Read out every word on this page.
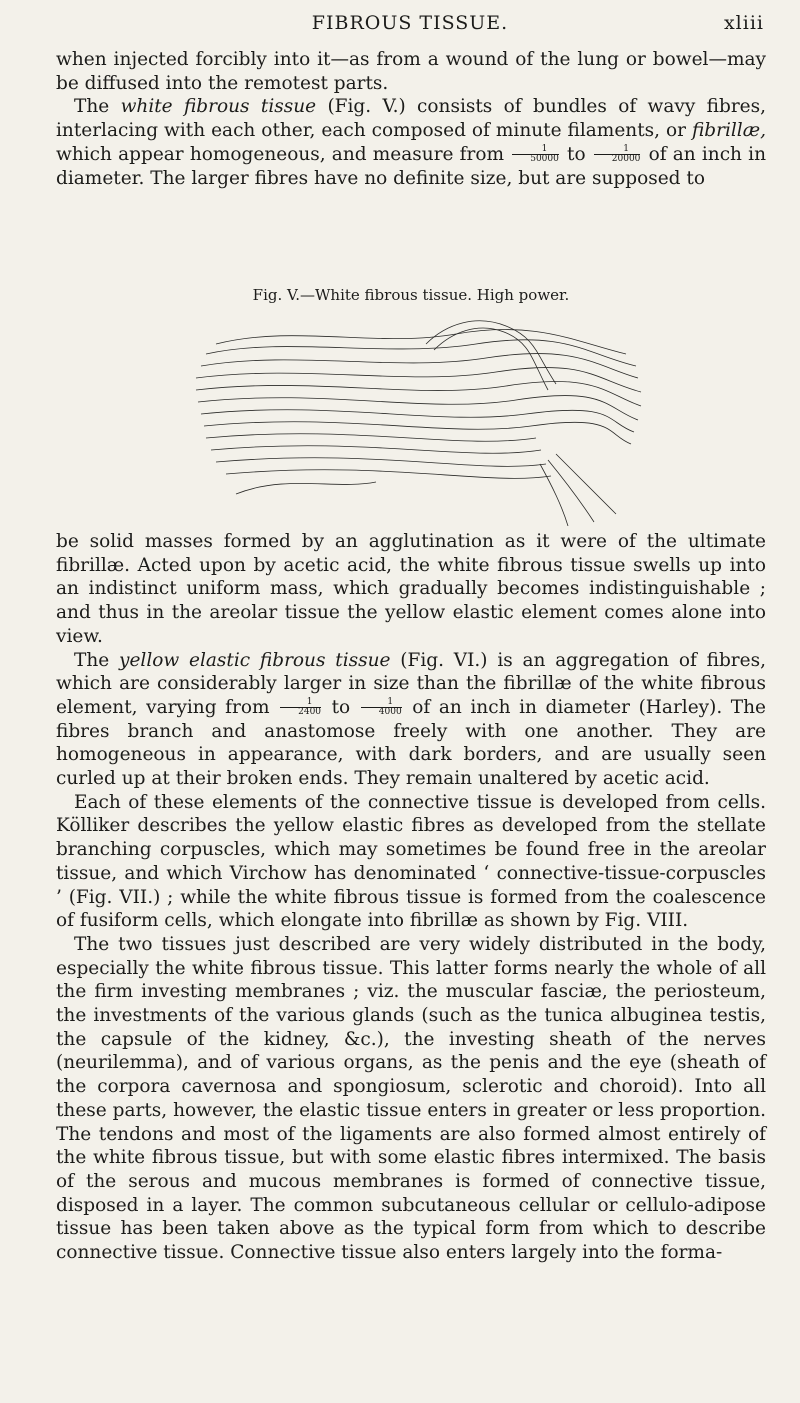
FIBROUS TISSUE.	xliii

when injected forcibly into it—as from a wound of the lung or bowel—may be diffused into the remotest parts.

The white fibrous tissue (Fig. V.) consists of bundles of wavy fibres, interlacing with each other, each composed of minute filaments, or fibrillæ, which appear homogeneous, and measure from $\frac{1}{50000}$ to $\frac{1}{20000}$ of an inch in diameter. The larger fibres have no definite size, but are supposed to

Fig. V.—White fibrous tissue. High power.

be solid masses formed by an agglutination as it were of the ultimate fibrillæ. Acted upon by acetic acid, the white fibrous tissue swells up into an indistinct uniform mass, which gradually becomes indistinguishable ; and thus in the areolar tissue the yellow elastic element comes alone into view.

The yellow elastic fibrous tissue (Fig. VI.) is an aggregation of fibres, which are considerably larger in size than the fibrillæ of the white fibrous element, varying from $\frac{1}{2400}$ to $\frac{1}{4000}$ of an inch in diameter (Harley). The fibres branch and anastomose freely with one another. They are homogeneous in appearance, with dark borders, and are usually seen curled up at their broken ends. They remain unaltered by acetic acid.

Each of these elements of the connective tissue is developed from cells. Kölliker describes the yellow elastic fibres as developed from the stellate branching corpuscles, which may sometimes be found free in the areolar tissue, and which Virchow has denominated ‘ connective-tissue-corpuscles ’ (Fig. VII.) ; while the white fibrous tissue is formed from the coalescence of fusiform cells, which elongate into fibrillæ as shown by Fig. VIII.

The two tissues just described are very widely distributed in the body, especially the white fibrous tissue. This latter forms nearly the whole of all the firm investing membranes ; viz. the muscular fasciæ, the periosteum, the investments of the various glands (such as the tunica albuginea testis, the capsule of the kidney, &c.), the investing sheath of the nerves (neurilemma), and of various organs, as the penis and the eye (sheath of the corpora cavernosa and spongiosum, sclerotic and choroid). Into all these parts, however, the elastic tissue enters in greater or less proportion. The tendons and most of the ligaments are also formed almost entirely of the white fibrous tissue, but with some elastic fibres intermixed. The basis of the serous and mucous membranes is formed of connective tissue, disposed in a layer. The common subcutaneous cellular or cellulo-adipose tissue has been taken above as the typical form from which to describe connective tissue. Connective tissue also enters largely into the forma-
